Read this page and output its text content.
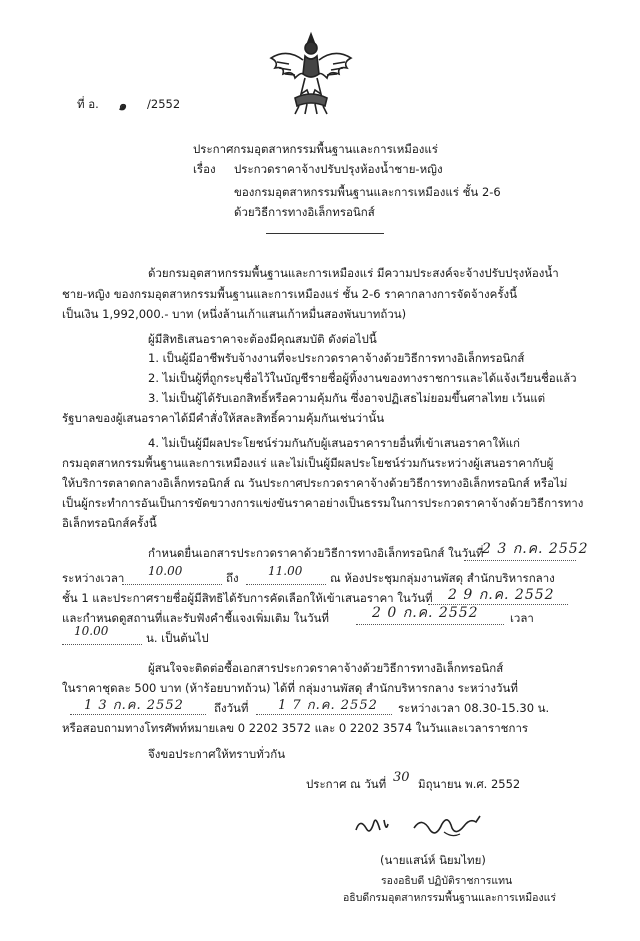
ที่ อ. ๑ /2552
ประกาศกรมอุตสาหกรรมพื้นฐานและการเหมืองแร่
เรื่อง ประกวดราคาจ้างปรับปรุงห้องน้ำชาย-หญิง
ของกรมอุตสาหกรรมพื้นฐานและการเหมืองแร่ ชั้น 2-6
ด้วยวิธีการทางอิเล็กทรอนิกส์
ด้วยกรมอุตสาหกรรมพื้นฐานและการเหมืองแร่ มีความประสงค์จะจ้างปรับปรุงห้องน้ำ
ชาย-หญิง ของกรมอุตสาหกรรมพื้นฐานและการเหมืองแร่ ชั้น 2-6 ราคากลางการจัดจ้างครั้งนี้
เป็นเงิน 1,992,000.- บาท (หนึ่งล้านเก้าแสนเก้าหมื่นสองพันบาทถ้วน)
ผู้มีสิทธิเสนอราคาจะต้องมีคุณสมบัติ ดังต่อไปนี้
1. เป็นผู้มีอาชีพรับจ้างงานที่จะประกวดราคาจ้างด้วยวิธีการทางอิเล็กทรอนิกส์
2. ไม่เป็นผู้ที่ถูกระบุชื่อไว้ในบัญชีรายชื่อผู้ทิ้งงานของทางราชการและได้แจ้งเวียนชื่อแล้ว
3. ไม่เป็นผู้ได้รับเอกสิทธิ์หรือความคุ้มกัน ซึ่งอาจปฏิเสธไม่ยอมขึ้นศาลไทย เว้นแต่
รัฐบาลของผู้เสนอราคาได้มีคำสั่งให้สละสิทธิ์ความคุ้มกันเช่นว่านั้น
4. ไม่เป็นผู้มีผลประโยชน์ร่วมกันกับผู้เสนอราคารายอื่นที่เข้าเสนอราคาให้แก่
กรมอุตสาหกรรมพื้นฐานและการเหมืองแร่ และไม่เป็นผู้มีผลประโยชน์ร่วมกันระหว่างผู้เสนอราคากับผู้
ให้บริการตลาดกลางอิเล็กทรอนิกส์ ณ วันประกาศประกวดราคาจ้างด้วยวิธีการทางอิเล็กทรอนิกส์ หรือไม่
เป็นผู้กระทำการอันเป็นการขัดขวางการแข่งขันราคาอย่างเป็นธรรมในการประกวดราคาจ้างด้วยวิธีการทาง
อิเล็กทรอนิกส์ครั้งนี้
กำหนดยื่นเอกสารประกวดราคาด้วยวิธีการทางอิเล็กทรอนิกส์ ในวันที่
2 3 ก.ค. 2552
ระหว่างเวลา 10.00	ถึง 11.00 ณ ห้องประชุมกลุ่มงานพัสดุ สำนักบริหารกลาง
ชั้น 1 และประกาศรายชื่อผู้มีสิทธิได้รับการคัดเลือกให้เข้าเสนอราคา ในวันที่ 2 9 ก.ค. 2552
และกำหนดดูสถานที่และรับฟังคำชี้แจงเพิ่มเติม ในวันที่	2 0 ก.ค. 2552	เวลา
10.00	น. เป็นต้นไป
ผู้สนใจจะติดต่อซื้อเอกสารประกวดราคาจ้างด้วยวิธีการทางอิเล็กทรอนิกส์
ในราคาชุดละ 500 บาท (ห้าร้อยบาทถ้วน) ได้ที่ กลุ่มงานพัสดุ สำนักบริหารกลาง ระหว่างวันที่
1 3 ก.ค. 2552	ถึงวันที่ 1 7 ก.ค. 2552 ระหว่างเวลา 08.30-15.30 น.
หรือสอบถามทางโทรศัพท์หมายเลข 0 2202 3572 และ 0 2202 3574 ในวันและเวลาราชการ
จึงขอประกาศให้ทราบทั่วกัน
ประกาศ ณ วันที่ 30 มิถุนายน พ.ศ. 2552
(นายแสน์ห์ นิยมไทย)
รองอธิบดี ปฏิบัติราชการแทน
อธิบดีกรมอุตสาหกรรมพื้นฐานและการเหมืองแร่
